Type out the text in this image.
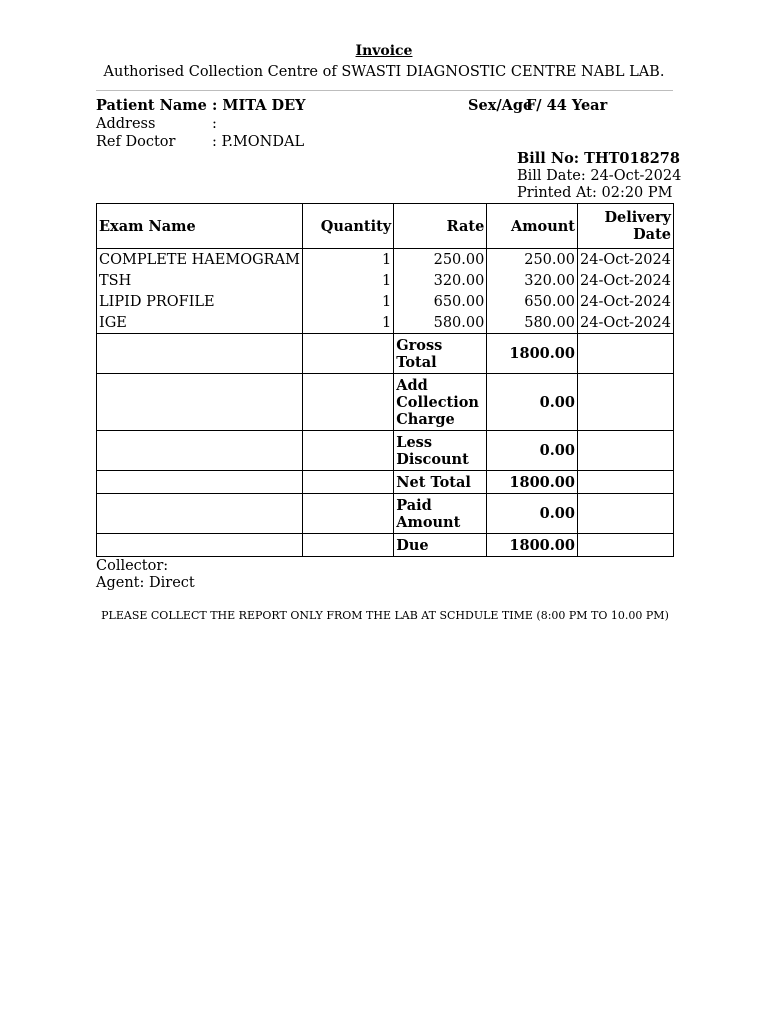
Invoice
Authorised Collection Centre of SWASTI DIAGNOSTIC CENTRE NABL LAB.
Patient Name : MITA DEY
Address	:
Ref Doctor	: P.MONDAL
Sex/Age
F/ 44 Year
Bill No: THT018278
Bill Date: 24-Oct-2024
Printed At: 02:20 PM
Exam Name	Quantity	Rate	Amount	Delivery
Date
COMPLETE HAEMOGRAM	1	250.00	250.00	24-Oct-2024
TSH	1	320.00	320.00	24-Oct-2024
LIPID PROFILE	1	650.00	650.00	24-Oct-2024
IGE	1	580.00	580.00	24-Oct-2024
		Gross Total	1800.00	
		Add Collection Charge	0.00	
		Less Discount	0.00	
		Net Total	1800.00	
		Paid Amount	0.00	
		Due	1800.00	
Collector:
Agent: Direct
PLEASE COLLECT THE REPORT ONLY FROM THE LAB AT SCHDULE TIME (8:00 PM TO 10.00 PM)
